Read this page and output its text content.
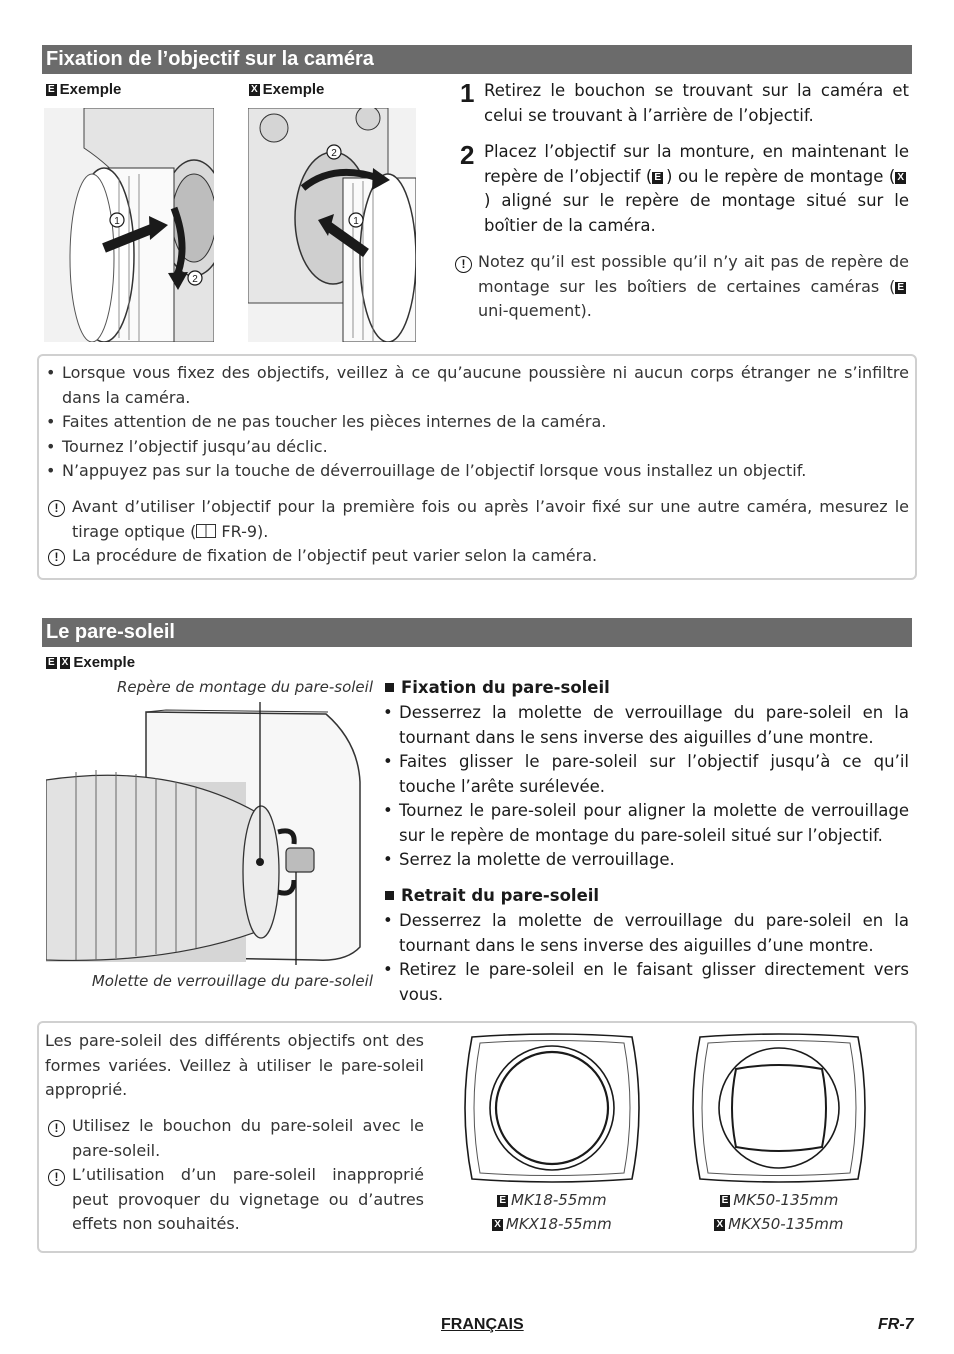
Fixation de l’objectif sur la caméra
E Exemple	X Exemple
1
2
2
1
1 Retirez le bouchon se trouvant sur la caméra et celui se trouvant à l’arrière de l’objectif.
2 Placez l’objectif sur la monture, en maintenant le repère de l’objectif ( E ) ou le repère de montage ( X) aligné sur le repère de montage situé sur le boîtier de la caméra.
! Notez qu’il est possible qu’il n’y ait pas de repère de montage sur les boîtiers de certaines caméras ( E uni-quement).
• Lorsque vous fixez des objectifs, veillez à ce qu’aucune poussière ni aucun corps étranger ne s’infiltre dans la caméra.
• Faites attention de ne pas toucher les pièces internes de la caméra.
• Tournez l’objectif jusqu’au déclic.
• N’appuyez pas sur la touche de déverrouillage de l’objectif lorsque vous installez un objectif.
! Avant d’utiliser l’objectif pour la première fois ou après l’avoir fixé sur une autre caméra, mesurez le tirage optique ( FR-9).
! La procédure de fixation de l’objectif peut varier selon la caméra.
Le pare-soleil
E X Exemple
Repère de montage du pare-soleil
Molette de verrouillage du pare-soleil
Fixation du pare-soleil
• Desserrez la molette de verrouillage du pare-soleil en la tournant dans le sens inverse des aiguilles d’une montre.
• Faites glisser le pare-soleil sur l’objectif jusqu’à ce qu’il touche l’arête surélevée.
• Tournez le pare-soleil pour aligner la molette de verrouillage sur le repère de montage du pare-soleil situé sur l’objectif.
• Serrez la molette de verrouillage.
Retrait du pare-soleil
• Desserrez la molette de verrouillage du pare-soleil en la tournant dans le sens inverse des aiguilles d’une montre.
• Retirez le pare-soleil en le faisant glisser directement vers vous.
Les pare-soleil des différents objectifs ont des formes variées. Veillez à utiliser le pare-soleil approprié.
! Utilisez le bouchon du pare-soleil avec le pare-soleil.
! L’utilisation d’un pare-soleil inapproprié peut provoquer du vignetage ou d’autres effets non souhaités.
E MK18-55mm
X MKX18-55mm
E MK50-135mm
X MKX50-135mm
FRANÇAIS	FR-7
